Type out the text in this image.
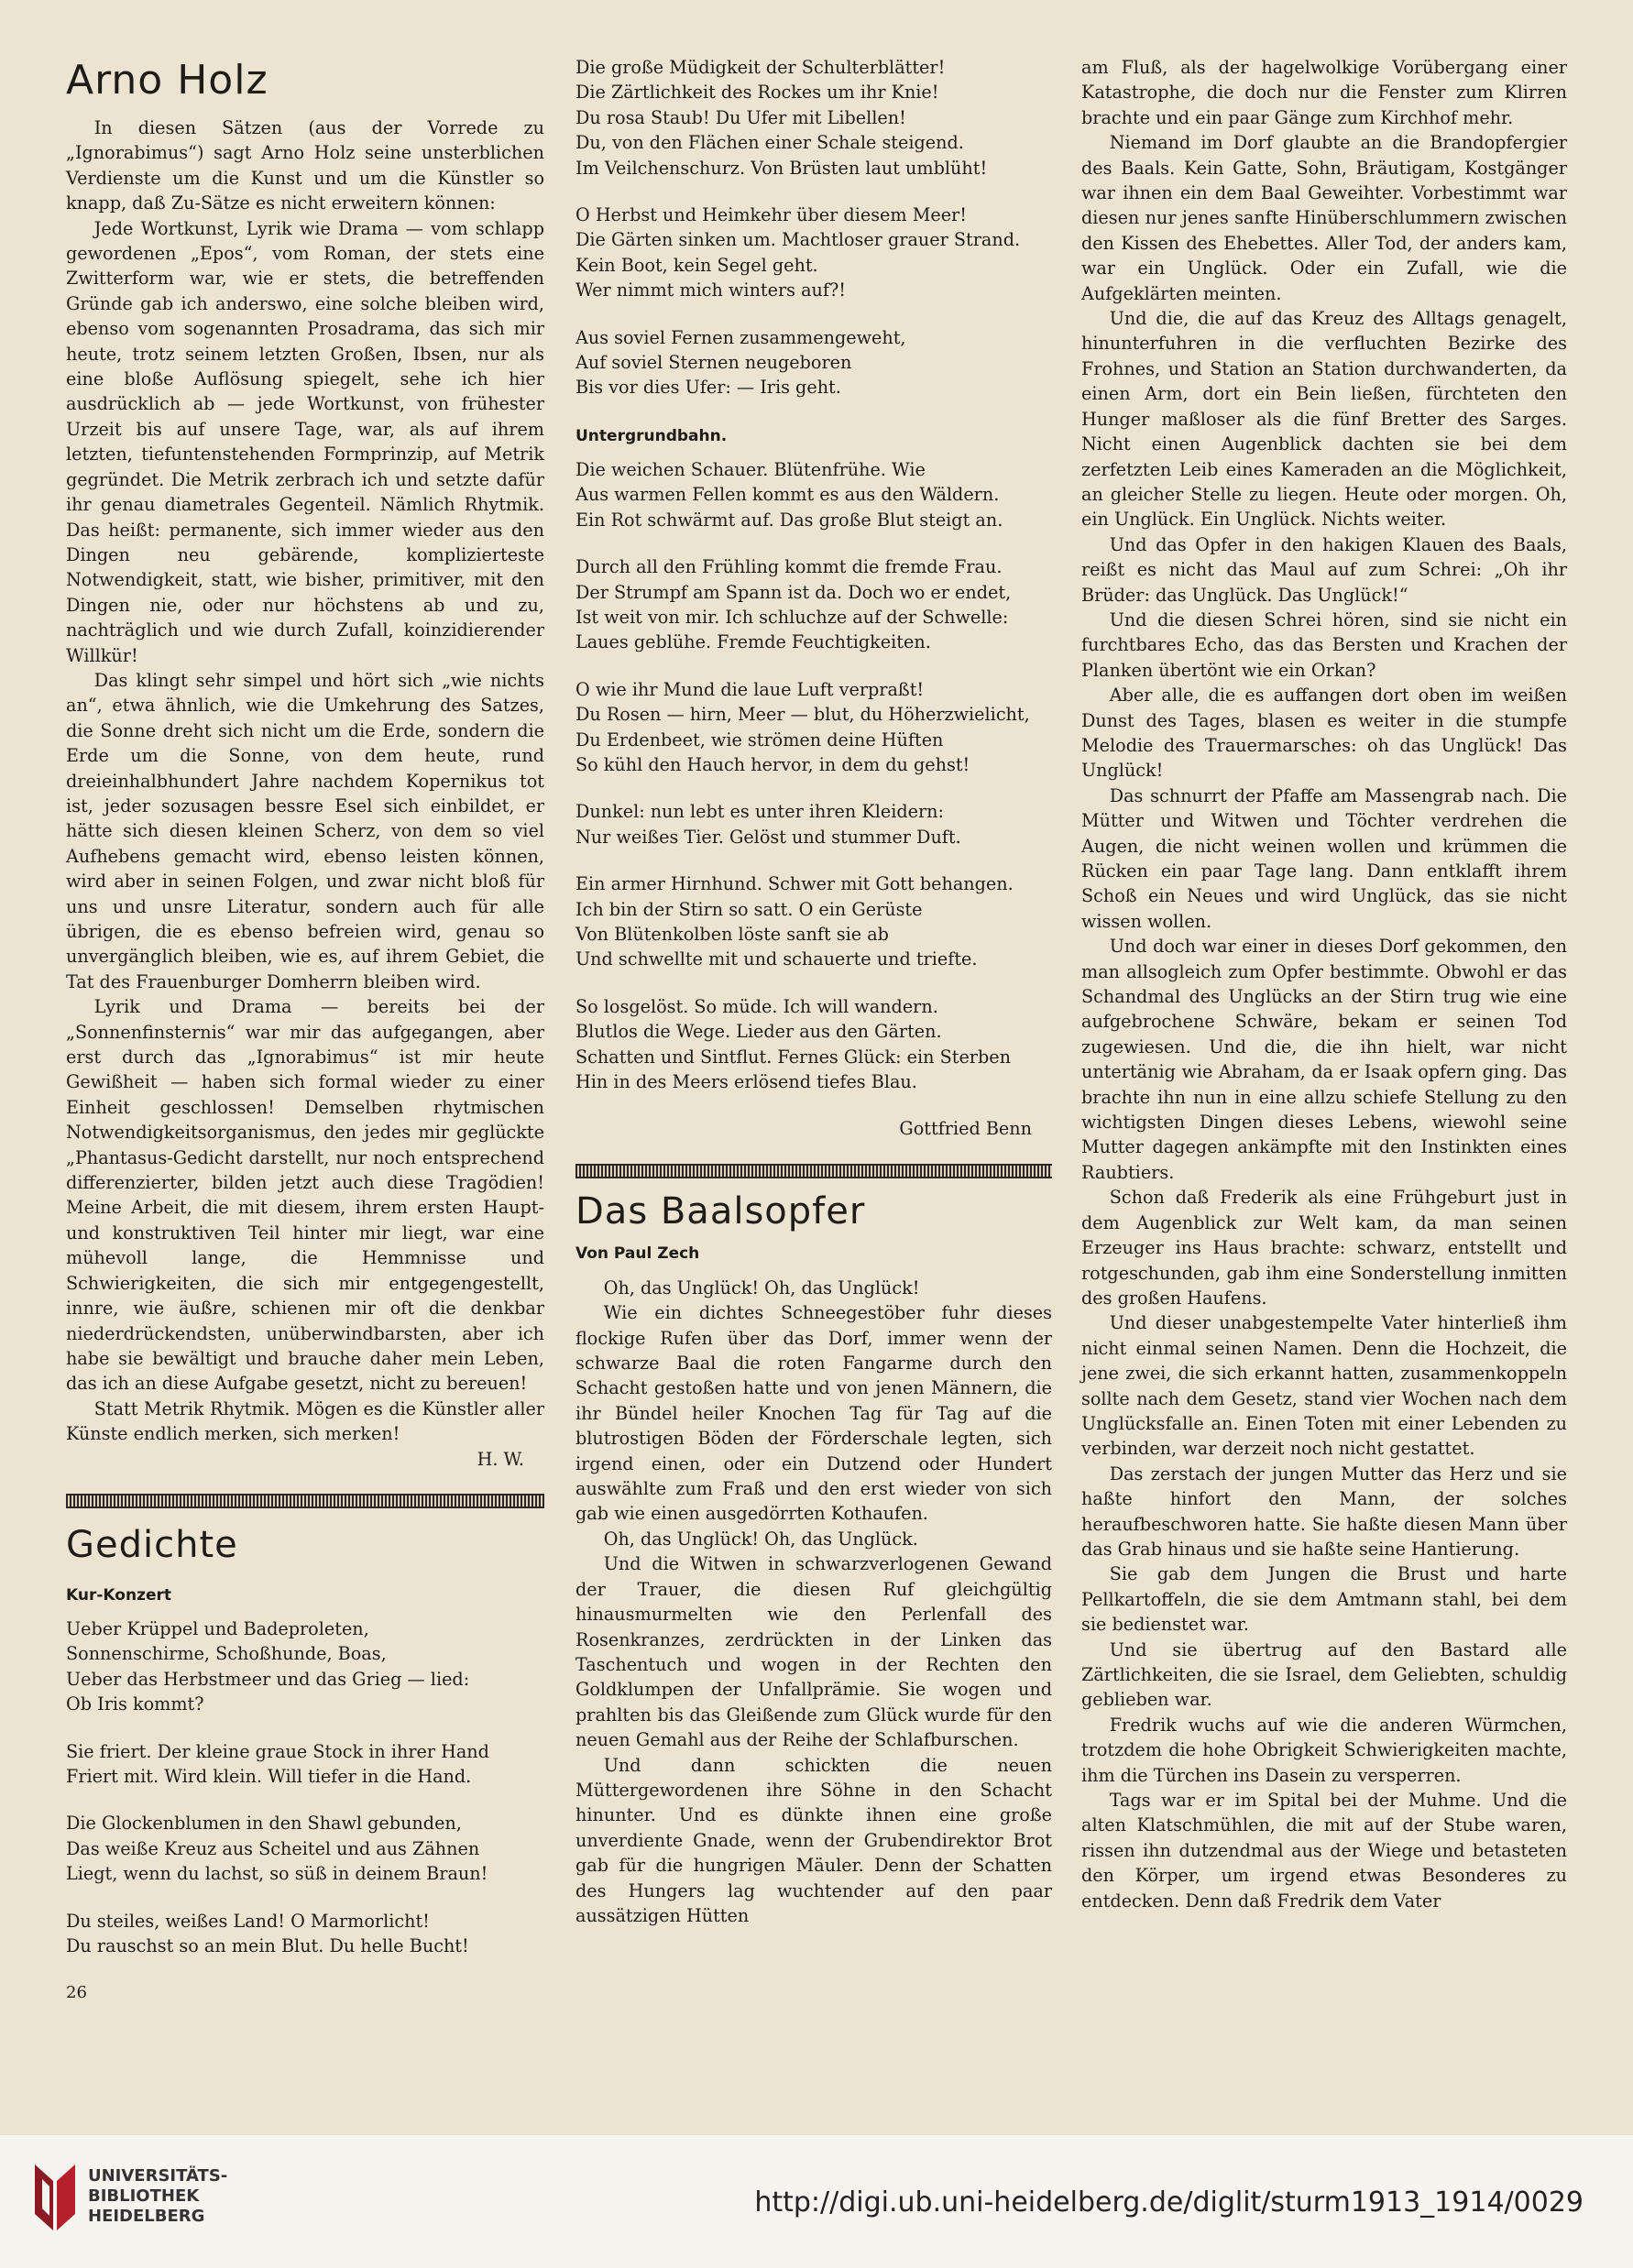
Arno Holz

In diesen Sätzen (aus der Vorrede zu „Ignorabimus“) sagt Arno Holz seine unsterblichen Verdienste um die Kunst und um die Künstler so knapp, daß Zu-Sätze es nicht erweitern können:

Jede Wortkunst, Lyrik wie Drama — vom schlapp gewordenen „Epos“, vom Roman, der stets eine Zwitterform war, wie er stets, die betreffenden Gründe gab ich anderswo, eine solche bleiben wird, ebenso vom sogenannten Prosadrama, das sich mir heute, trotz seinem letzten Großen, Ibsen, nur als eine bloße Auflösung spiegelt, sehe ich hier ausdrücklich ab — jede Wortkunst, von frühester Urzeit bis auf unsere Tage, war, als auf ihrem letzten, tiefuntenstehenden Formprinzip, auf Metrik gegründet. Die Metrik zerbrach ich und setzte dafür ihr genau diametrales Gegenteil. Nämlich Rhytmik. Das heißt: permanente, sich immer wieder aus den Dingen neu gebärende, komplizierteste Notwendigkeit, statt, wie bisher, primitiver, mit den Dingen nie, oder nur höchstens ab und zu, nachträglich und wie durch Zufall, koinzidierender Willkür!

Das klingt sehr simpel und hört sich „wie nichts an“, etwa ähnlich, wie die Umkehrung des Satzes, die Sonne dreht sich nicht um die Erde, sondern die Erde um die Sonne, von dem heute, rund dreieinhalbhundert Jahre nachdem Kopernikus tot ist, jeder sozusagen bessre Esel sich einbildet, er hätte sich diesen kleinen Scherz, von dem so viel Aufhebens gemacht wird, ebenso leisten können, wird aber in seinen Folgen, und zwar nicht bloß für uns und unsre Literatur, sondern auch für alle übrigen, die es ebenso befreien wird, genau so unvergänglich bleiben, wie es, auf ihrem Gebiet, die Tat des Frauenburger Domherrn bleiben wird.

Lyrik und Drama — bereits bei der „Sonnenfinsternis“ war mir das aufgegangen, aber erst durch das „Ignorabimus“ ist mir heute Gewißheit — haben sich formal wieder zu einer Einheit geschlossen! Demselben rhytmischen Notwendigkeitsorganismus, den jedes mir geglückte „Phantasus-Gedicht darstellt, nur noch entsprechend differenzierter, bilden jetzt auch diese Tragödien! Meine Arbeit, die mit diesem, ihrem ersten Haupt- und konstruktiven Teil hinter mir liegt, war eine mühevoll lange, die Hemmnisse und Schwierigkeiten, die sich mir entgegengestellt, innre, wie äußre, schienen mir oft die denkbar niederdrückendsten, unüberwindbarsten, aber ich habe sie bewältigt und brauche daher mein Leben, das ich an diese Aufgabe gesetzt, nicht zu bereuen!

Statt Metrik Rhytmik. Mögen es die Künstler aller Künste endlich merken, sich merken!

H. W.

Gedichte
Kur-Konzert
Ueber Krüppel und Badeproleten,
Sonnenschirme, Schoßhunde, Boas,
Ueber das Herbstmeer und das Grieg — lied:
Ob Iris kommt?
Sie friert. Der kleine graue Stock in ihrer Hand
Friert mit. Wird klein. Will tiefer in die Hand.
Die Glockenblumen in den Shawl gebunden,
Das weiße Kreuz aus Scheitel und aus Zähnen
Liegt, wenn du lachst, so süß in deinem Braun!
Du steiles, weißes Land! O Marmorlicht!
Du rauschst so an mein Blut. Du helle Bucht!
26
Die große Müdigkeit der Schulterblätter!
Die Zärtlichkeit des Rockes um ihr Knie!
Du rosa Staub! Du Ufer mit Libellen!
Du, von den Flächen einer Schale steigend.
Im Veilchenschurz. Von Brüsten laut umblüht!
O Herbst und Heimkehr über diesem Meer!
Die Gärten sinken um. Machtloser grauer Strand.
Kein Boot, kein Segel geht.
Wer nimmt mich winters auf?!
Aus soviel Fernen zusammengeweht,
Auf soviel Sternen neugeboren
Bis vor dies Ufer: — Iris geht.
Untergrundbahn.
Die weichen Schauer. Blütenfrühe. Wie
Aus warmen Fellen kommt es aus den Wäldern.
Ein Rot schwärmt auf. Das große Blut steigt an.
Durch all den Frühling kommt die fremde Frau.
Der Strumpf am Spann ist da. Doch wo er endet,
Ist weit von mir. Ich schluchze auf der Schwelle:
Laues geblühe. Fremde Feuchtigkeiten.
O wie ihr Mund die laue Luft verpraßt!
Du Rosen — hirn, Meer — blut, du Höherzwielicht,
Du Erdenbeet, wie strömen deine Hüften
So kühl den Hauch hervor, in dem du gehst!
Dunkel: nun lebt es unter ihren Kleidern:
Nur weißes Tier. Gelöst und stummer Duft.
Ein armer Hirnhund. Schwer mit Gott behangen.
Ich bin der Stirn so satt. O ein Gerüste
Von Blütenkolben löste sanft sie ab
Und schwellte mit und schauerte und triefte.
So losgelöst. So müde. Ich will wandern.
Blutlos die Wege. Lieder aus den Gärten.
Schatten und Sintflut. Fernes Glück: ein Sterben
Hin in des Meers erlösend tiefes Blau.

Gottfried Benn

Das Baalsopfer
Von Paul Zech

Oh, das Unglück! Oh, das Unglück!

Wie ein dichtes Schneegestöber fuhr dieses flockige Rufen über das Dorf, immer wenn der schwarze Baal die roten Fangarme durch den Schacht gestoßen hatte und von jenen Männern, die ihr Bündel heiler Knochen Tag für Tag auf die blutrostigen Böden der Förderschale legten, sich irgend einen, oder ein Dutzend oder Hundert auswählte zum Fraß und den erst wieder von sich gab wie einen ausgedörrten Kothaufen.

Oh, das Unglück! Oh, das Unglück.

Und die Witwen in schwarzverlogenen Gewand der Trauer, die diesen Ruf gleichgültig hinausmurmelten wie den Perlenfall des Rosenkranzes, zerdrückten in der Linken das Taschentuch und wogen in der Rechten den Goldklumpen der Unfallprämie. Sie wogen und prahlten bis das Gleißende zum Glück wurde für den neuen Gemahl aus der Reihe der Schlafburschen.

Und dann schickten die neuen Müttergewordenen ihre Söhne in den Schacht hinunter. Und es dünkte ihnen eine große unverdiente Gnade, wenn der Grubendirektor Brot gab für die hungrigen Mäuler. Denn der Schatten des Hungers lag wuchtender auf den paar aussätzigen Hütten

am Fluß, als der hagelwolkige Vorübergang einer Katastrophe, die doch nur die Fenster zum Klirren brachte und ein paar Gänge zum Kirchhof mehr.

Niemand im Dorf glaubte an die Brandopfergier des Baals. Kein Gatte, Sohn, Bräutigam, Kostgänger war ihnen ein dem Baal Geweihter. Vorbestimmt war diesen nur jenes sanfte Hinüberschlummern zwischen den Kissen des Ehebettes. Aller Tod, der anders kam, war ein Unglück. Oder ein Zufall, wie die Aufgeklärten meinten.

Und die, die auf das Kreuz des Alltags genagelt, hinunterfuhren in die verfluchten Bezirke des Frohnes, und Station an Station durchwanderten, da einen Arm, dort ein Bein ließen, fürchteten den Hunger maßloser als die fünf Bretter des Sarges. Nicht einen Augenblick dachten sie bei dem zerfetzten Leib eines Kameraden an die Möglichkeit, an gleicher Stelle zu liegen. Heute oder morgen. Oh, ein Unglück. Ein Unglück. Nichts weiter.

Und das Opfer in den hakigen Klauen des Baals, reißt es nicht das Maul auf zum Schrei: „Oh ihr Brüder: das Unglück. Das Unglück!“

Und die diesen Schrei hören, sind sie nicht ein furchtbares Echo, das das Bersten und Krachen der Planken übertönt wie ein Orkan?

Aber alle, die es auffangen dort oben im weißen Dunst des Tages, blasen es weiter in die stumpfe Melodie des Trauermarsches: oh das Unglück! Das Unglück!

Das schnurrt der Pfaffe am Massengrab nach. Die Mütter und Witwen und Töchter verdrehen die Augen, die nicht weinen wollen und krümmen die Rücken ein paar Tage lang. Dann entklafft ihrem Schoß ein Neues und wird Unglück, das sie nicht wissen wollen.

Und doch war einer in dieses Dorf gekommen, den man allsogleich zum Opfer bestimmte. Obwohl er das Schandmal des Unglücks an der Stirn trug wie eine aufgebrochene Schwäre, bekam er seinen Tod zugewiesen. Und die, die ihn hielt, war nicht untertänig wie Abraham, da er Isaak opfern ging. Das brachte ihn nun in eine allzu schiefe Stellung zu den wichtigsten Dingen dieses Lebens, wiewohl seine Mutter dagegen ankämpfte mit den Instinkten eines Raubtiers.

Schon daß Frederik als eine Frühgeburt just in dem Augenblick zur Welt kam, da man seinen Erzeuger ins Haus brachte: schwarz, entstellt und rotgeschunden, gab ihm eine Sonderstellung inmitten des großen Haufens.

Und dieser unabgestempelte Vater hinterließ ihm nicht einmal seinen Namen. Denn die Hochzeit, die jene zwei, die sich erkannt hatten, zusammenkoppeln sollte nach dem Gesetz, stand vier Wochen nach dem Unglücksfalle an. Einen Toten mit einer Lebenden zu verbinden, war derzeit noch nicht gestattet.

Das zerstach der jungen Mutter das Herz und sie haßte hinfort den Mann, der solches heraufbeschworen hatte. Sie haßte diesen Mann über das Grab hinaus und sie haßte seine Hantierung.

Sie gab dem Jungen die Brust und harte Pellkartoffeln, die sie dem Amtmann stahl, bei dem sie bedienstet war.

Und sie übertrug auf den Bastard alle Zärtlichkeiten, die sie Israel, dem Geliebten, schuldig geblieben war.

Fredrik wuchs auf wie die anderen Würmchen, trotzdem die hohe Obrigkeit Schwierigkeiten machte, ihm die Türchen ins Dasein zu versperren.

Tags war er im Spital bei der Muhme. Und die alten Klatschmühlen, die mit auf der Stube waren, rissen ihn dutzendmal aus der Wiege und betasteten den Körper, um irgend etwas Besonderes zu entdecken. Denn daß Fredrik dem Vater

UNIVERSITÄTS-
BIBLIOTHEK
HEIDELBERG	http://digi.ub.uni-heidelberg.de/diglit/sturm1913_1914/0029
